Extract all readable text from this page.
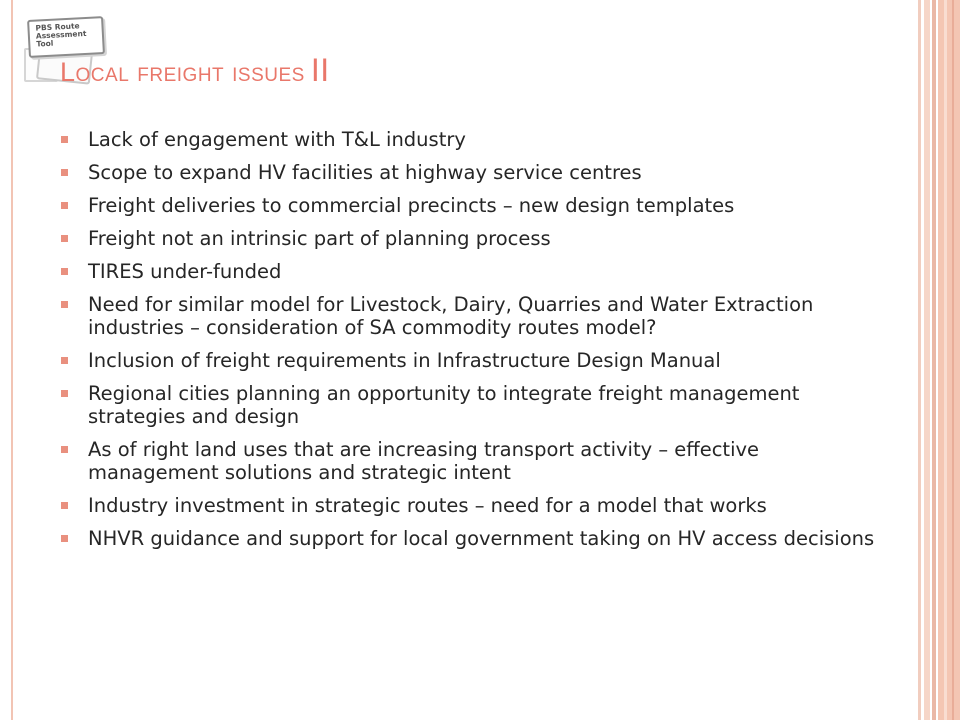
PBS Route
Assessment Tool
Local freight issues II
Lack of engagement with T&L industry
Scope to expand HV facilities at highway service centres
Freight deliveries to commercial precincts – new design templates
Freight not an intrinsic part of planning process
TIRES under-funded
Need for similar model for Livestock, Dairy, Quarries and Water Extraction industries – consideration of SA commodity routes model?
Inclusion of freight requirements in Infrastructure Design Manual
Regional cities planning an opportunity to integrate freight management strategies and design
As of right land uses that are increasing transport activity – effective management solutions and strategic intent
Industry investment in strategic routes – need for a model that works
NHVR guidance and support for local government taking on HV access decisions
